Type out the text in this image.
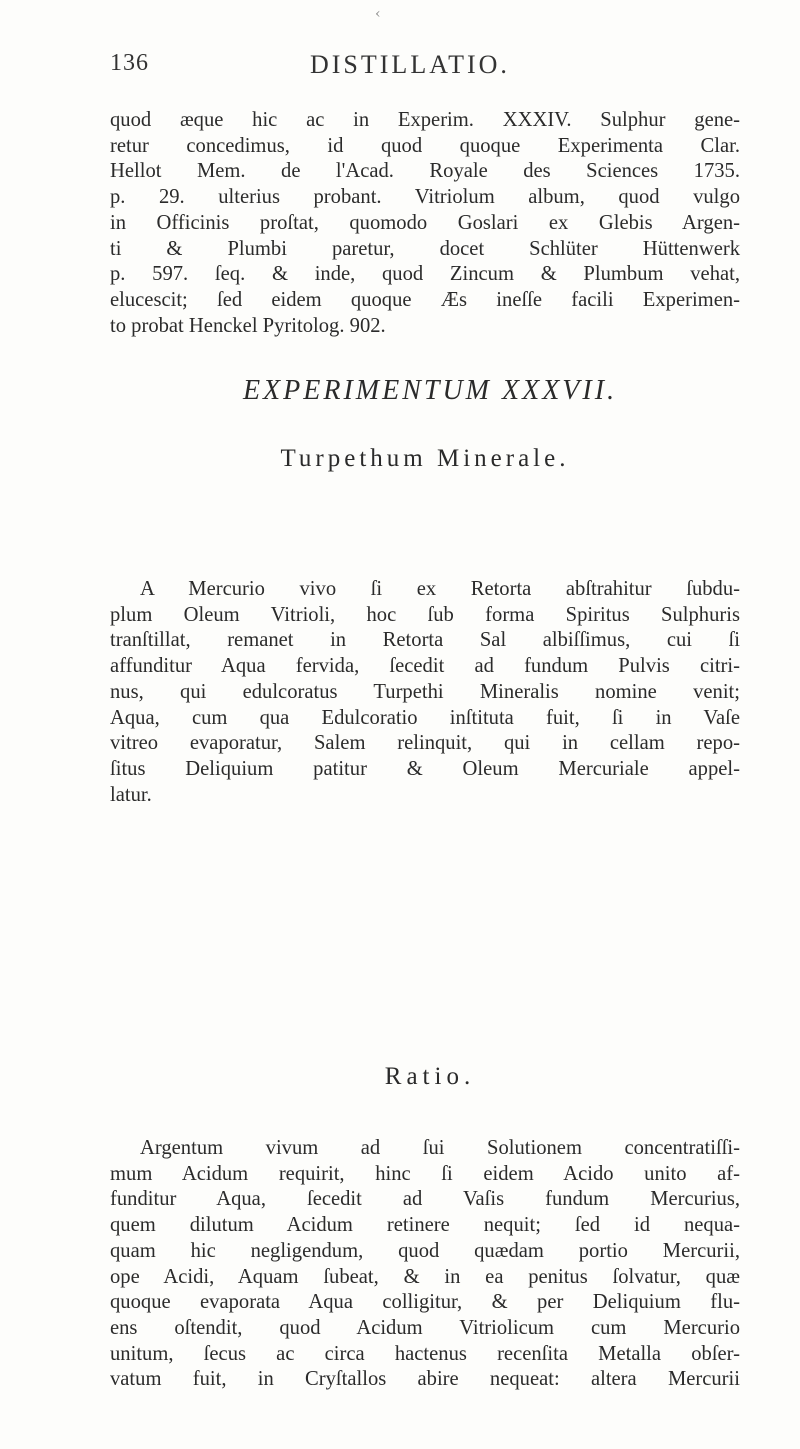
‹
136	DISTILLATIO.
quod æque hic ac in Experim. XXXIV. Sulphur gene-
retur concedimus, id quod quoque Experimenta Clar.
Hellot Mem. de l'Acad. Royale des Sciences 1735.
p. 29. ulterius probant. Vitriolum album, quod vulgo
in Officinis proſtat, quomodo Goslari ex Glebis Argen-
ti & Plumbi paretur, docet Schlüter Hüttenwerk
p. 597. ſeq. & inde, quod Zincum & Plumbum vehat,
elucescit; ſed eidem quoque Æs ineſſe facili Experimen-
to probat Henckel Pyritolog. 902.
EXPERIMENTUM XXXVII.
Turpethum Minerale.
A Mercurio vivo ſi ex Retorta abſtrahitur ſubdu-
plum Oleum Vitrioli, hoc ſub forma Spiritus Sulphuris
tranſtillat, remanet in Retorta Sal albiſſimus, cui ſi
affunditur Aqua fervida, ſecedit ad fundum Pulvis citri-
nus, qui edulcoratus Turpethi Mineralis nomine venit;
Aqua, cum qua Edulcoratio inſtituta fuit, ſi in Vaſe
vitreo evaporatur, Salem relinquit, qui in cellam repo-
ſitus Deliquium patitur & Oleum Mercuriale appel-
latur.
Ratio.
Argentum vivum ad ſui Solutionem concentratiſſi-
mum Acidum requirit, hinc ſi eidem Acido unito af-
funditur Aqua, ſecedit ad Vaſis fundum Mercurius,
quem dilutum Acidum retinere nequit; ſed id nequa-
quam hic negligendum, quod quædam portio Mercurii,
ope Acidi, Aquam ſubeat, & in ea penitus ſolvatur, quæ
quoque evaporata Aqua colligitur, & per Deliquium flu-
ens oſtendit, quod Acidum Vitriolicum cum Mercurio
unitum, ſecus ac circa hactenus recenſita Metalla obſer-
vatum fuit, in Cryſtallos abire nequeat: altera Mercurii
